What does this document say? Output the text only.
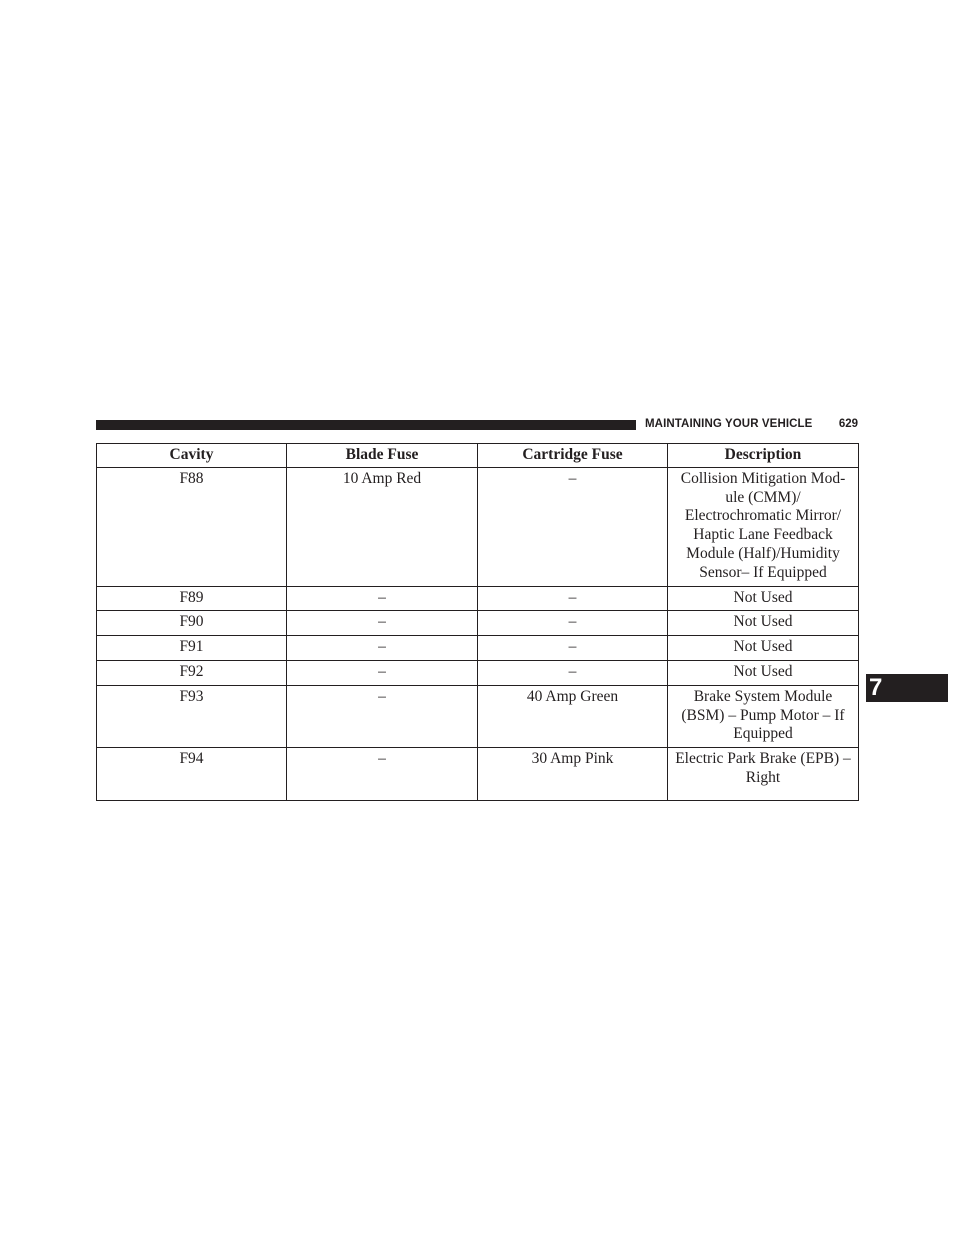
MAINTAINING YOUR VEHICLE 629
7
Cavity	Blade Fuse	Cartridge Fuse	Description
F88	10 Amp Red	–	Collision Mitigation Mod-ule (CMM)/ Electrochromatic Mirror/ Haptic Lane Feedback Module (Half)/Humidity Sensor– If Equipped
F89	–	–	Not Used
F90	–	–	Not Used
F91	–	–	Not Used
F92	–	–	Not Used
F93	–	40 Amp Green	Brake System Module (BSM) – Pump Motor – If Equipped
F94	–	30 Amp Pink	Electric Park Brake (EPB) – Right
